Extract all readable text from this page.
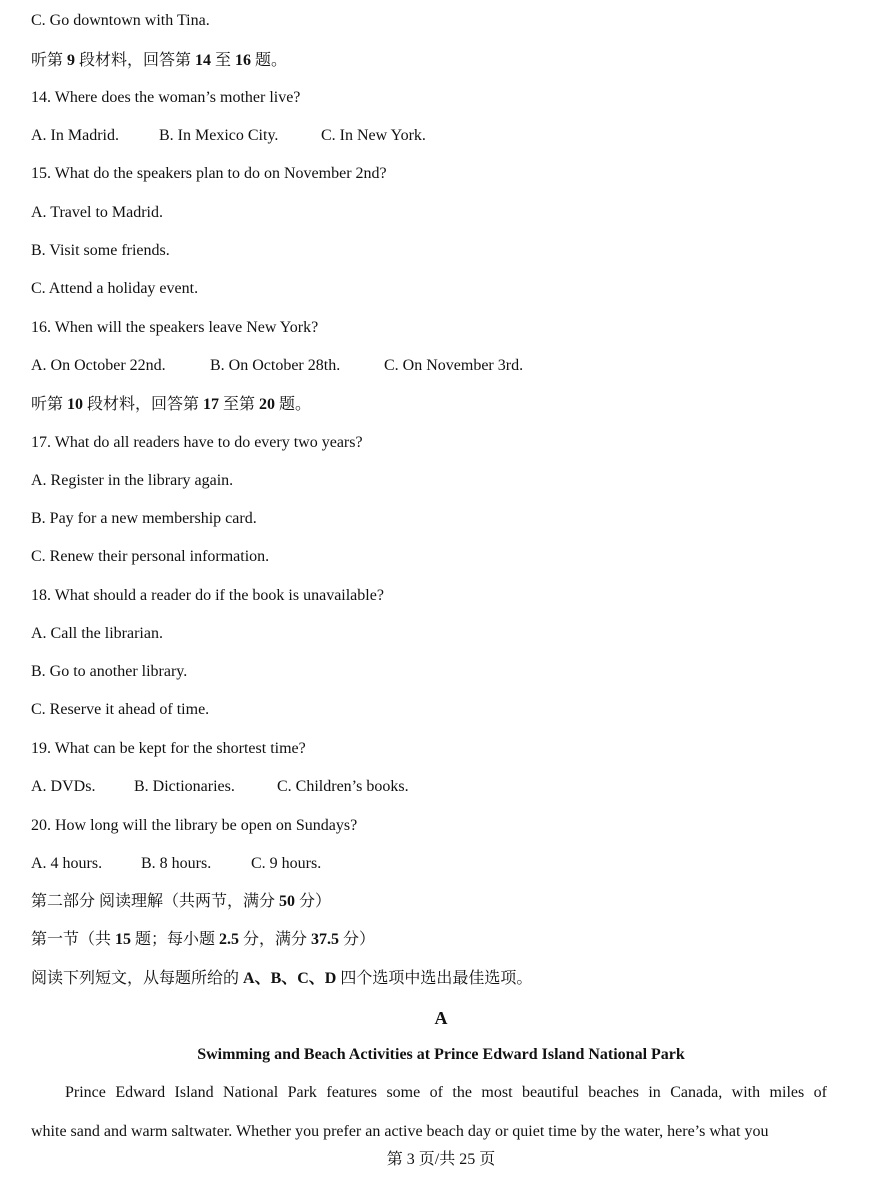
C. Go downtown with Tina.
听第 9 段材料，回答第 14 至 16 题。
14. Where does the woman’s mother live?
A. In Madrid.	B. In Mexico City.	C. In New York.
15. What do the speakers plan to do on November 2nd?
A. Travel to Madrid.
B. Visit some friends.
C. Attend a holiday event.
16. When will the speakers leave New York?
A. On October 22nd.	B. On October 28th.	C. On November 3rd.
听第 10 段材料，回答第 17 至第 20 题。
17. What do all readers have to do every two years?
A. Register in the library again.
B. Pay for a new membership card.
C. Renew their personal information.
18. What should a reader do if the book is unavailable?
A. Call the librarian.
B. Go to another library.
C. Reserve it ahead of time.
19. What can be kept for the shortest time?
A. DVDs. B. Dictionaries.	C. Children’s books.
20. How long will the library be open on Sundays?
A. 4 hours. B. 8 hours. C. 9 hours.
第二部分 阅读理解（共两节，满分 50 分）
第一节（共 15 题；每小题 2.5 分，满分 37.5 分）
阅读下列短文，从每题所给的 A、B、C、D 四个选项中选出最佳选项。
A
Swimming and Beach Activities at Prince Edward Island National Park
Prince Edward Island National Park features some of the most beautiful beaches in Canada, with miles of
white sand and warm saltwater. Whether you prefer an active beach day or quiet time by the water, here’s what you
第 3 页/共 25 页
